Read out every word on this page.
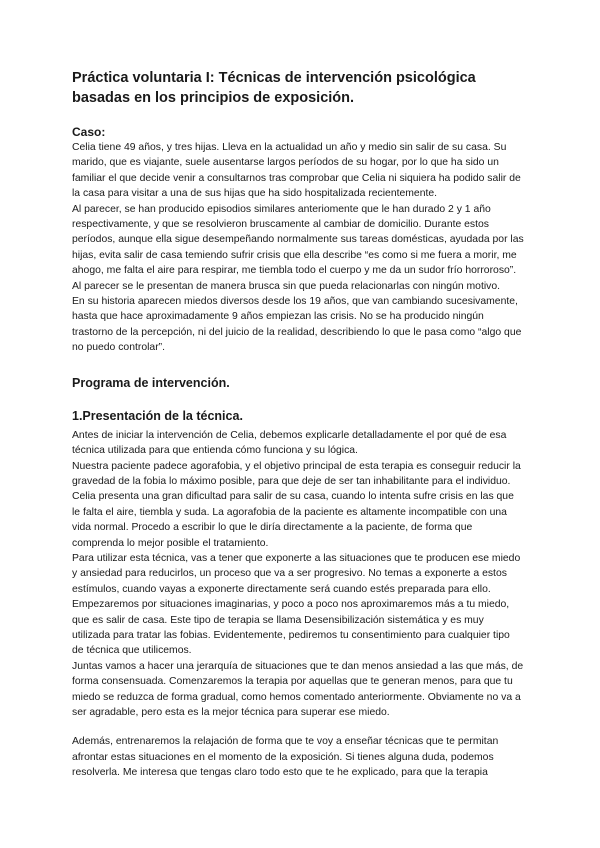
Práctica voluntaria I: Técnicas de intervención psicológica basadas en los principios de exposición.
Caso:

Celia tiene 49 años, y tres hijas. Lleva en la actualidad un año y medio sin salir de su casa. Su marido, que es viajante, suele ausentarse largos períodos de su hogar, por lo que ha sido un familiar el que decide venir a consultarnos tras comprobar que Celia ni siquiera ha podido salir de la casa para visitar a una de sus hijas que ha sido hospitalizada recientemente.

Al parecer, se han producido episodios similares anteriomente que le han durado 2 y 1 año respectivamente, y que se resolvieron bruscamente al cambiar de domicilio. Durante estos períodos, aunque ella sigue desempeñando normalmente sus tareas domésticas, ayudada por las hijas, evita salir de casa temiendo sufrir crisis que ella describe “es como si me fuera a morir, me ahogo, me falta el aire para respirar, me tiembla todo el cuerpo y me da un sudor frío horroroso”. Al parecer se le presentan de manera brusca sin que pueda relacionarlas con ningún motivo.

En su historia aparecen miedos diversos desde los 19 años, que van cambiando sucesivamente, hasta que hace aproximadamente 9 años empiezan las crisis. No se ha producido ningún trastorno de la percepción, ni del juicio de la realidad, describiendo lo que le pasa como “algo que no puedo controlar”.

Programa de intervención.
1.Presentación de la técnica.

Antes de iniciar la intervención de Celia, debemos explicarle detalladamente el por qué de esa técnica utilizada para que entienda cómo funciona y su lógica.

Nuestra paciente padece agorafobia, y el objetivo principal de esta terapia es conseguir reducir la gravedad de la fobia lo máximo posible, para que deje de ser tan inhabilitante para el individuo. Celia presenta una gran dificultad para salir de su casa, cuando lo intenta sufre crisis en las que le falta el aire, tiembla y suda. La agorafobia de la paciente es altamente incompatible con una vida normal. Procedo a escribir lo que le diría directamente a la paciente, de forma que comprenda lo mejor posible el tratamiento.

Para utilizar esta técnica, vas a tener que exponerte a las situaciones que te producen ese miedo y ansiedad para reducirlos, un proceso que va a ser progresivo. No temas a exponerte a estos estímulos, cuando vayas a exponerte directamente será cuando estés preparada para ello. Empezaremos por situaciones imaginarias, y poco a poco nos aproximaremos más a tu miedo, que es salir de casa. Este tipo de terapia se llama Desensibilización sistemática y es muy utilizada para tratar las fobias. Evidentemente, pediremos tu consentimiento para cualquier tipo de técnica que utilicemos.

Juntas vamos a hacer una jerarquía de situaciones que te dan menos ansiedad a las que más, de forma consensuada. Comenzaremos la terapia por aquellas que te generan menos, para que tu miedo se reduzca de forma gradual, como hemos comentado anteriormente. Obviamente no va a ser agradable, pero esta es la mejor técnica para superar ese miedo.

Además, entrenaremos la relajación de forma que te voy a enseñar técnicas que te permitan afrontar estas situaciones en el momento de la exposición. Si tienes alguna duda, podemos resolverla. Me interesa que tengas claro todo esto que te he explicado, para que la terapia
